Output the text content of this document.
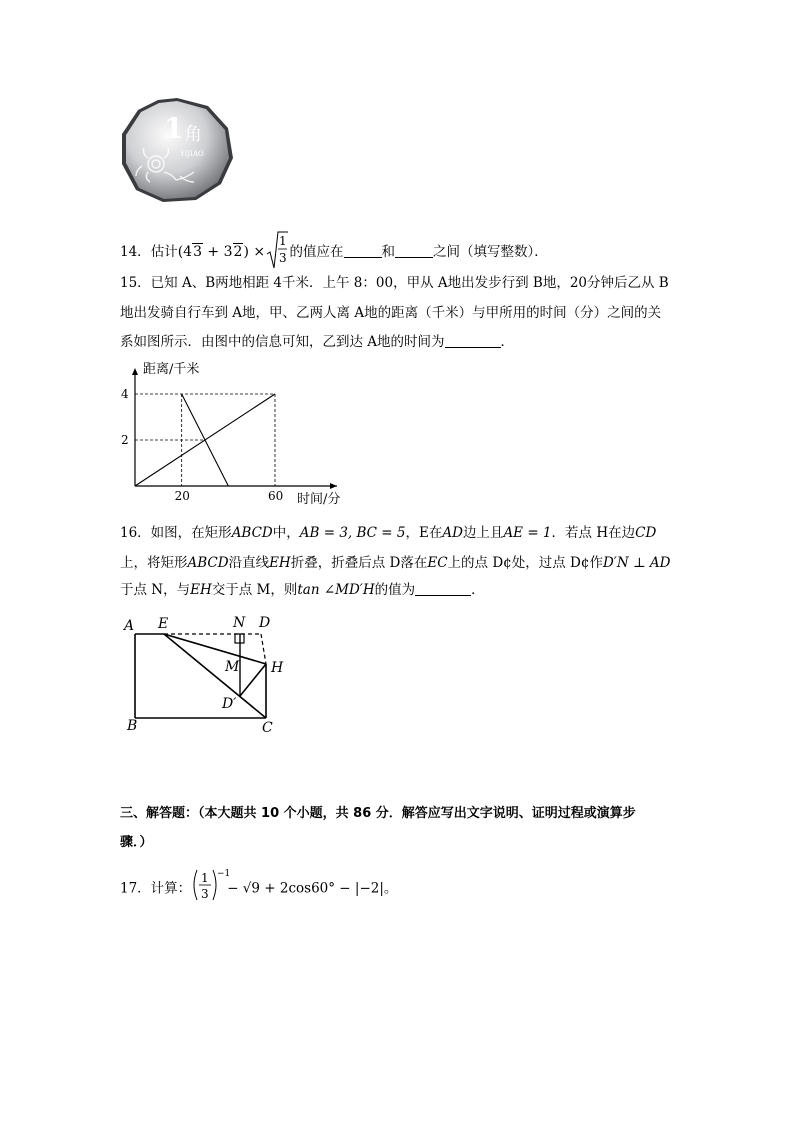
1 角
YIJIAO
14．估计(43 + 32) ×
1
3 的值应在	和	之间（填写整数）．
15．已知 A、B两地相距 4千米．上午 8：00，甲从 A地出发步行到 B地，20分钟后乙从 B
地出发骑自行车到 A地，甲、乙两人离 A地的距离（千米）与甲所用的时间（分）之间的关
系如图所示．由图中的信息可知，乙到达 A地的时间为	．
20	60
2
4
距离/千米
时间/分
16．如图，在矩形ABCD中，AB = 3, BC = 5，E在AD边上且AE = 1．若点 H在边CD
上，将矩形ABCD沿直线EH折叠，折叠后点 D落在EC上的点 D¢处，过点 D¢作D′N ⊥ AD
于点 N，与EH交于点 M，则tan ∠MD′H的值为	．
A E	N D
M H
D′
B	C
三、解答题：（本大题共 10 个小题，共 86 分．解答应写出文字说明、证明过程或演算步
骤．）
17．计算：
1
3
−1
− √9 + 2cos60° − |−2|。
